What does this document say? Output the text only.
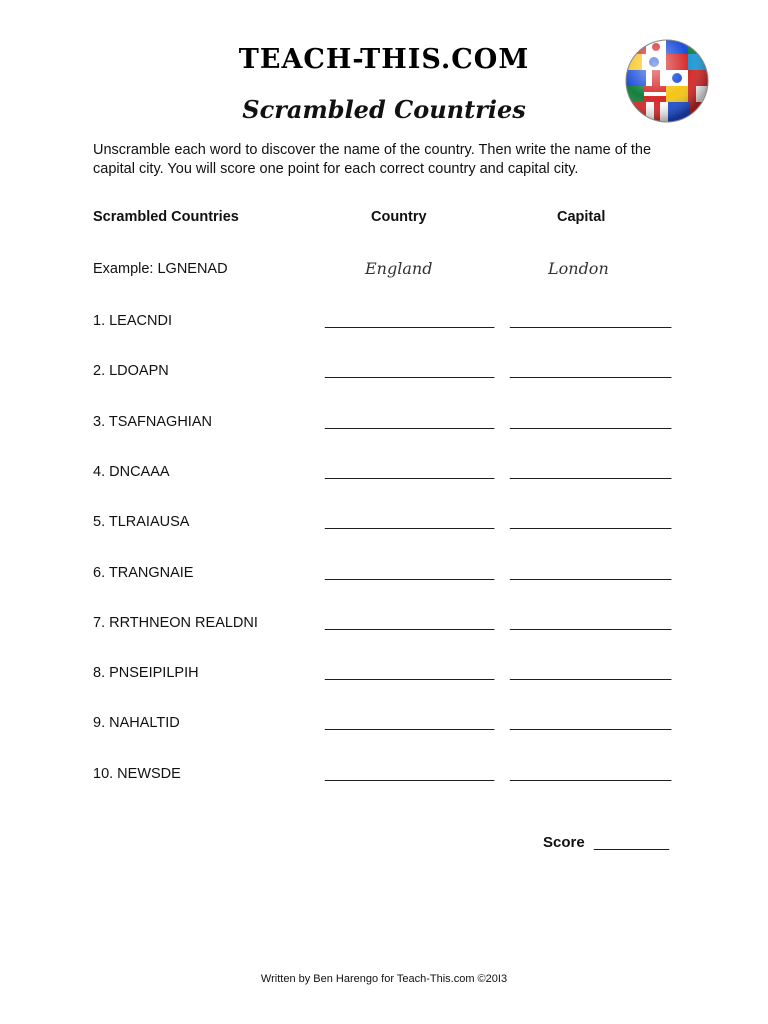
TEACH-THIS.COM
Scrambled Countries
Unscramble each word to discover the name of the country. Then write the name of the capital city. You will score one point for each correct country and capital city.
Scrambled Countries	Country	Capital
Example: LGNENAD	England	London
1. LEACNDI	_____________________ ____________________
2. LDOAPN	_____________________ ____________________
3. TSAFNAGHIAN	_____________________ ____________________
4. DNCAAA	_____________________ ____________________
5. TLRAIAUSA	_____________________ ____________________
6. TRANGNAIE	_____________________ ____________________
7. RRTHNEON REALDNI	_____________________ ____________________
8. PNSEIPILPIH	_____________________ ____________________
9. NAHALTID	_____________________ ____________________
10. NEWSDE	_____________________ ____________________
Score _________
Written by Ben Harengo for Teach-This.com ©20I3
